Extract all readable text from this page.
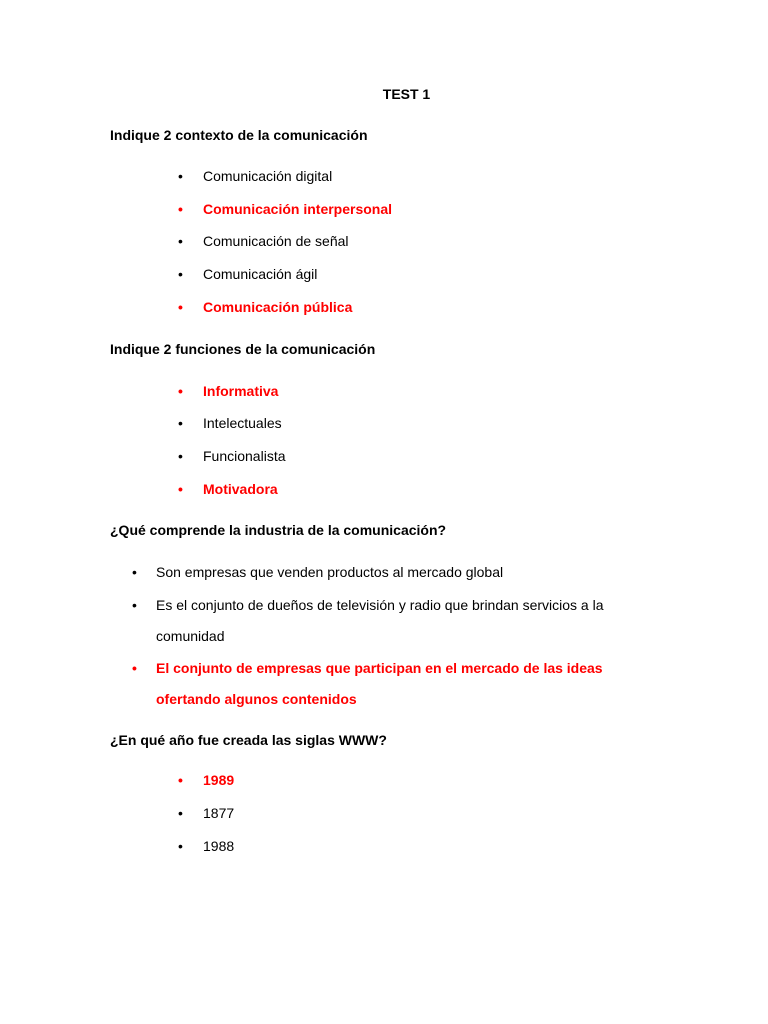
TEST 1
Indique 2 contexto de la comunicación
• Comunicación digital
• Comunicación interpersonal
• Comunicación de señal
• Comunicación ágil
• Comunicación pública
Indique 2 funciones de la comunicación
• Informativa
• Intelectuales
• Funcionalista
• Motivadora
¿Qué comprende la industria de la comunicación?
• Son empresas que venden productos al mercado global
• Es el conjunto de dueños de televisión y radio que brindan servicios a la comunidad
• El conjunto de empresas que participan en el mercado de las ideas ofertando algunos contenidos
¿En qué año fue creada las siglas WWW?
• 1989
• 1877
• 1988
